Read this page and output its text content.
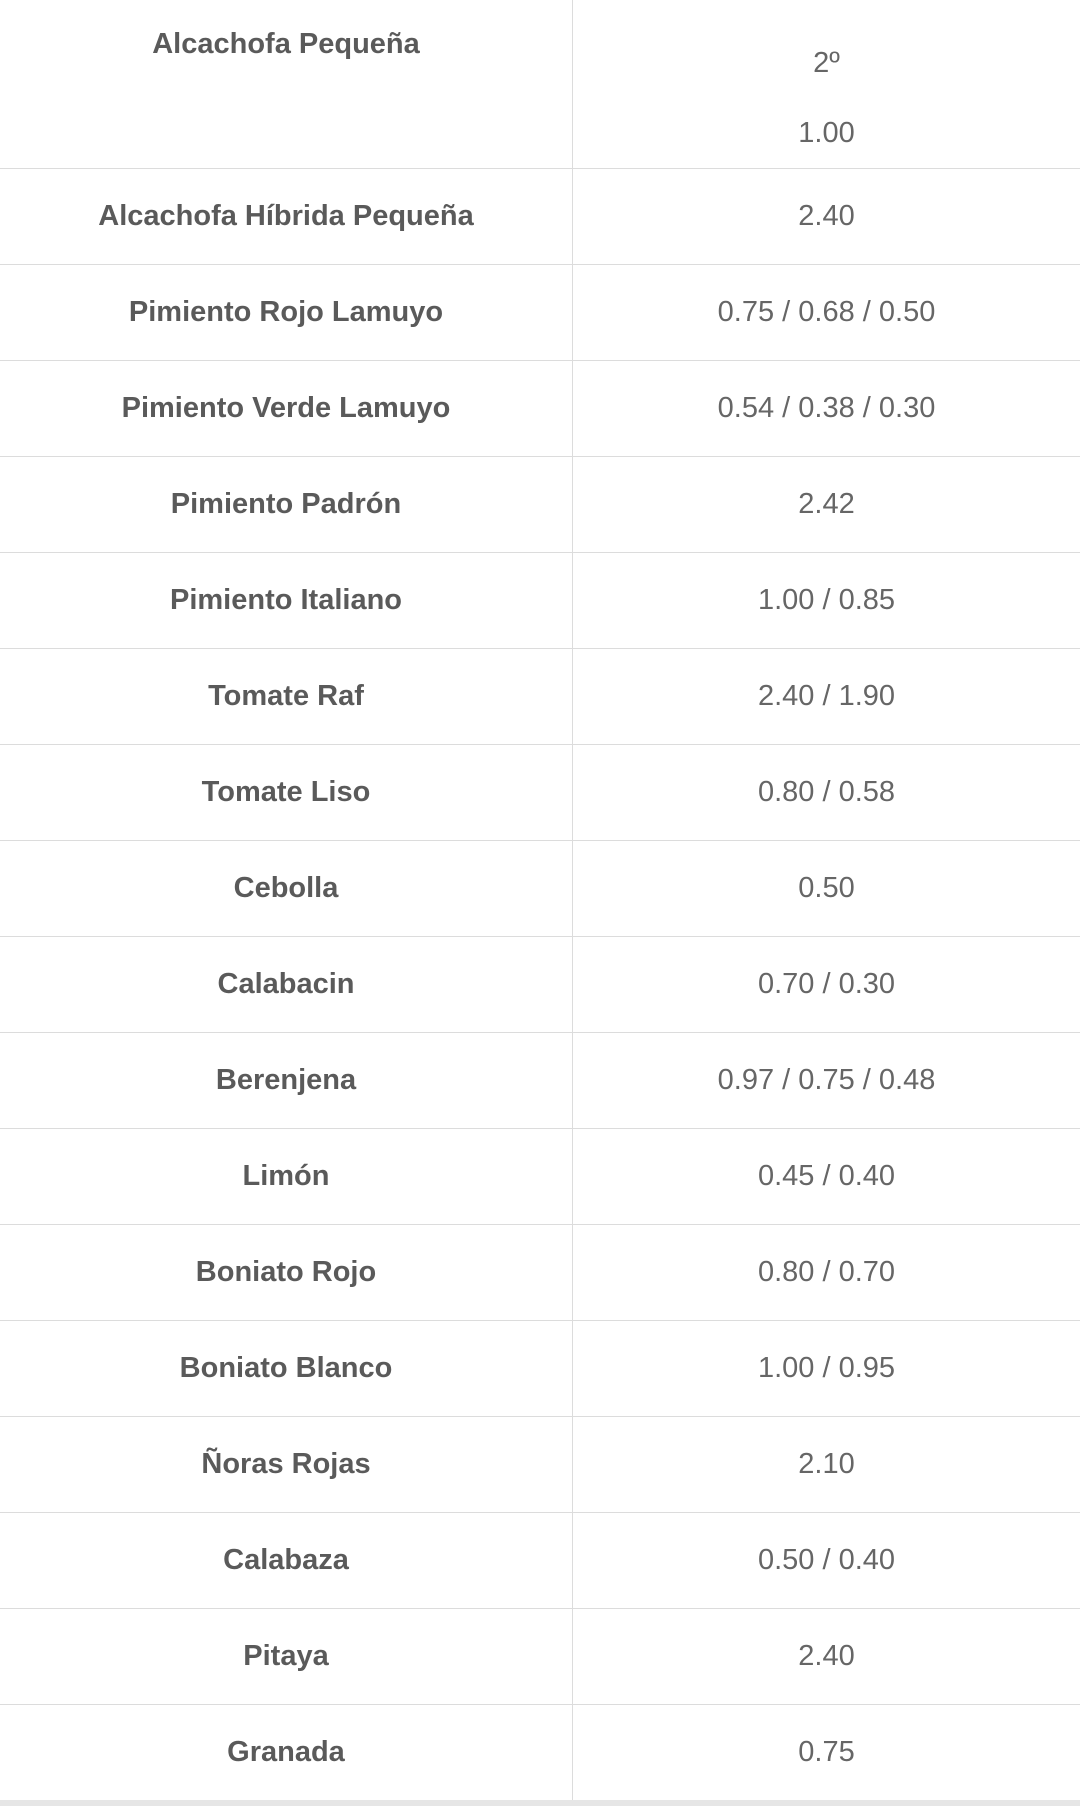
Alcachofa Pequeña	2º
1.00

Alcachofa Híbrida Pequeña	2.40
Pimiento Rojo Lamuyo	0.75 / 0.68 / 0.50
Pimiento Verde Lamuyo	0.54 / 0.38 / 0.30
Pimiento Padrón	2.42
Pimiento Italiano	1.00 / 0.85
Tomate Raf	2.40 / 1.90
Tomate Liso	0.80 / 0.58
Cebolla	0.50
Calabacin	0.70 / 0.30
Berenjena	0.97 / 0.75 / 0.48
Limón	0.45 / 0.40
Boniato Rojo	0.80 / 0.70
Boniato Blanco	1.00 / 0.95
Ñoras Rojas	2.10
Calabaza	0.50 / 0.40
Pitaya	2.40
Granada	0.75
